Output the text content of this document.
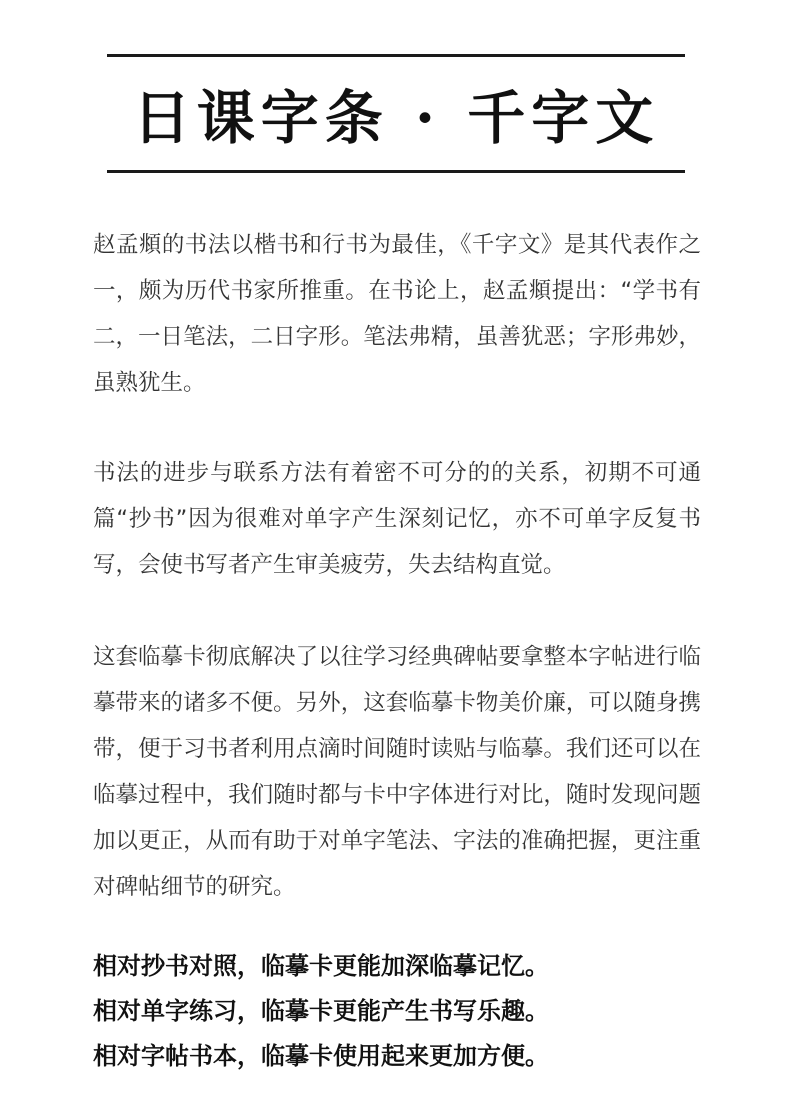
日课字条 · 千字文

赵孟頫的书法以楷书和行书为最佳，《千字文》是其代表作之一，颇为历代书家所推重。在书论上，赵孟頫提出：“学书有二，一日笔法，二日字形。笔法弗精，虽善犹恶；字形弗妙，虽熟犹生。

书法的进步与联系方法有着密不可分的的关系，初期不可通篇“抄书”因为很难对单字产生深刻记忆，亦不可单字反复书写，会使书写者产生审美疲劳，失去结构直觉。

这套临摹卡彻底解决了以往学习经典碑帖要拿整本字帖进行临摹带来的诸多不便。另外，这套临摹卡物美价廉，可以随身携带，便于习书者利用点滴时间随时读贴与临摹。我们还可以在临摹过程中，我们随时都与卡中字体进行对比，随时发现问题加以更正，从而有助于对单字笔法、字法的准确把握，更注重对碑帖细节的研究。

相对抄书对照，临摹卡更能加深临摹记忆。
相对单字练习，临摹卡更能产生书写乐趣。
相对字帖书本，临摹卡使用起来更加方便。
